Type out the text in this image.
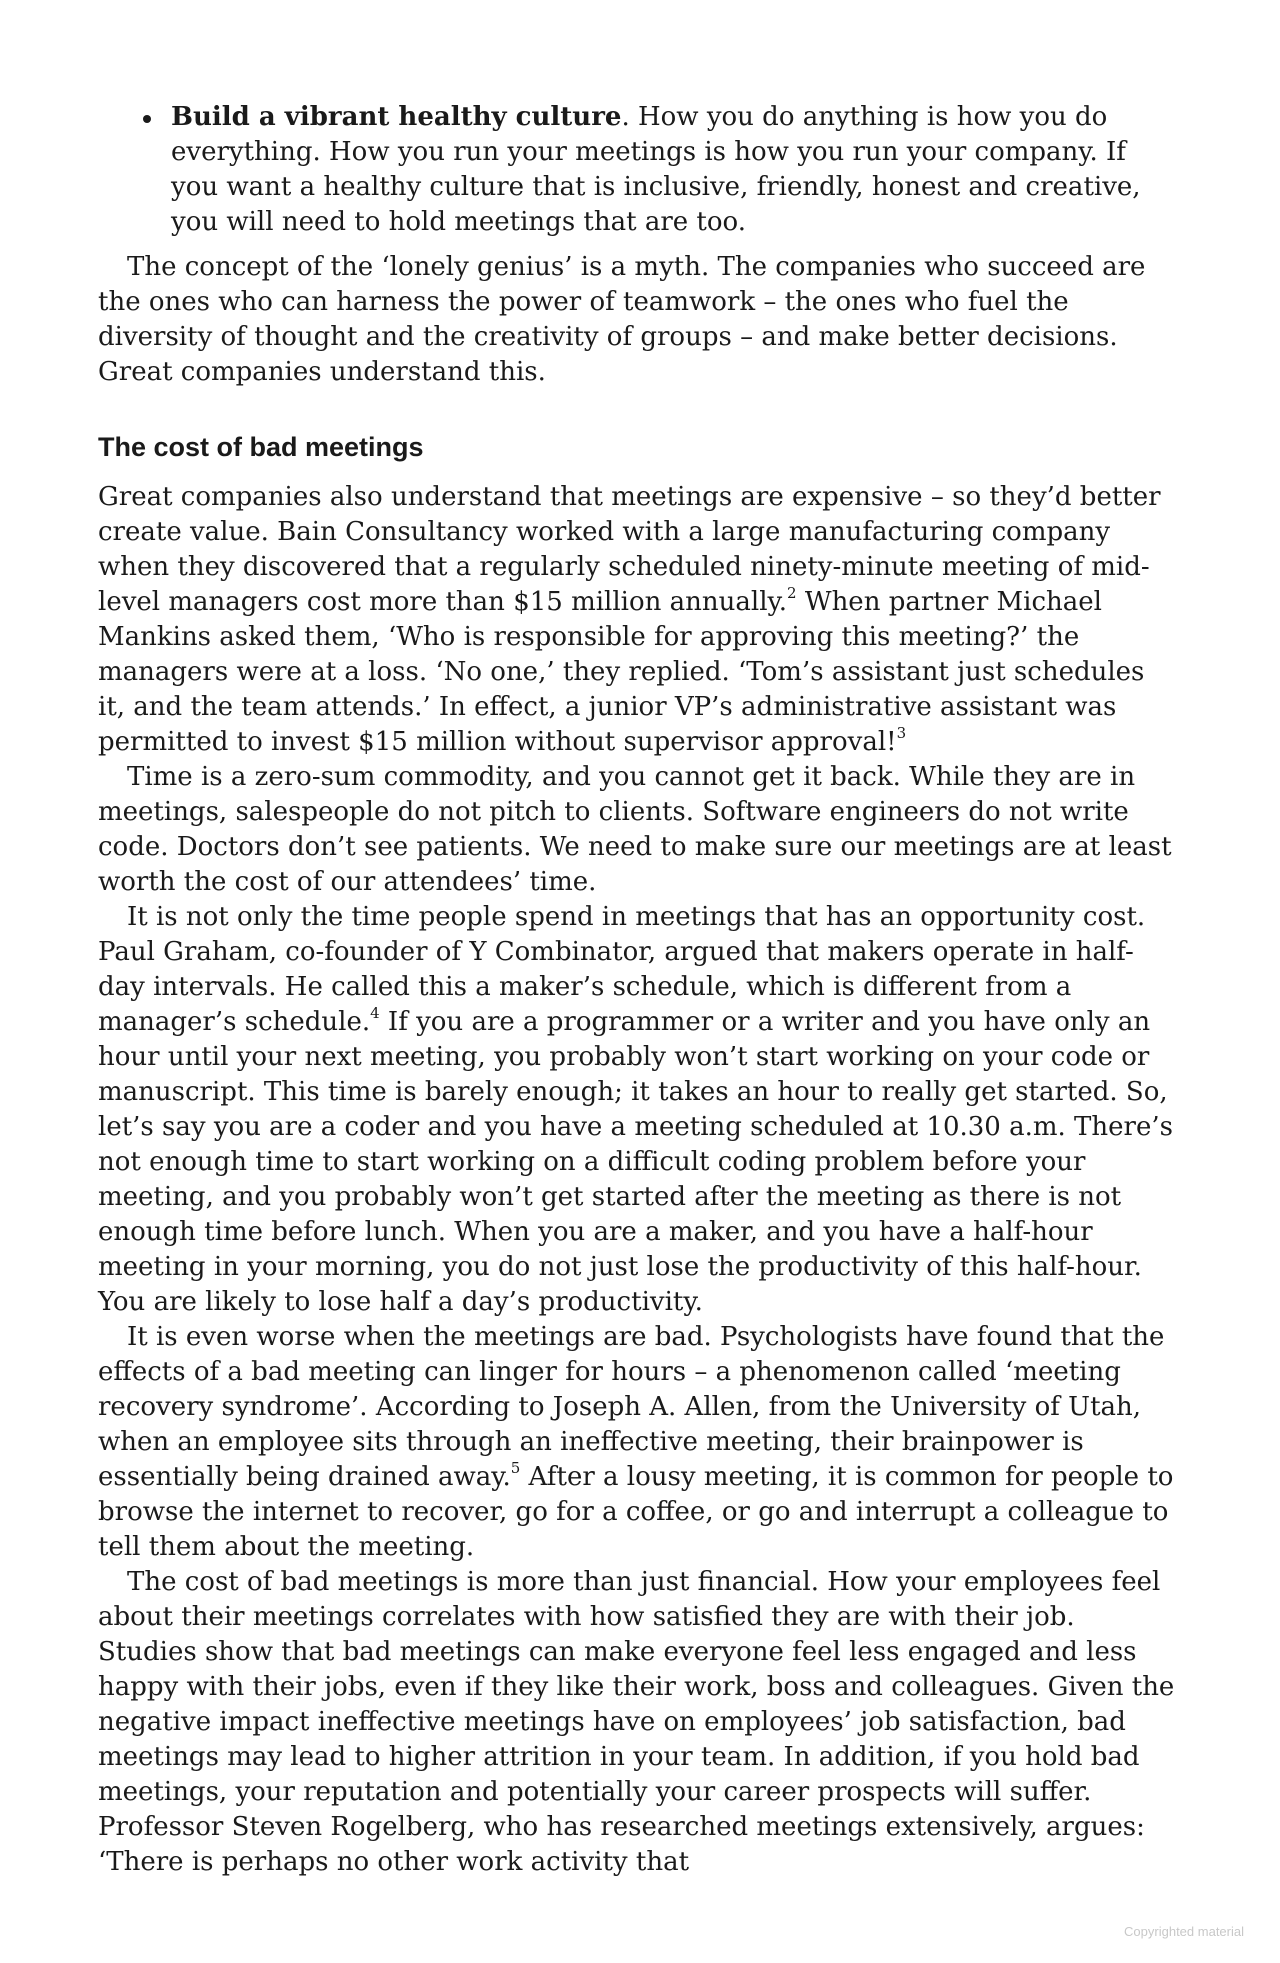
Build a vibrant healthy culture. How you do anything is how you do everything. How you run your meetings is how you run your company. If you want a healthy culture that is inclusive, friendly, honest and creative, you will need to hold meetings that are too.

The concept of the ‘lonely genius’ is a myth. The companies who succeed are the ones who can harness the power of teamwork – the ones who fuel the diversity of thought and the creativity of groups – and make better decisions. Great companies understand this.

The cost of bad meetings

Great companies also understand that meetings are expensive – so they’d better create value. Bain Consultancy worked with a large manufacturing company when they discovered that a regularly scheduled ninety-minute meeting of mid-level managers cost more than $15 million annually.$^2$ When partner Michael Mankins asked them, ‘Who is responsible for approving this meeting?’ the managers were at a loss. ‘No one,’ they replied. ‘Tom’s assistant just schedules it, and the team attends.’ In effect, a junior VP’s administrative assistant was permitted to invest $15 million without supervisor approval!$^3$

Time is a zero-sum commodity, and you cannot get it back. While they are in meetings, salespeople do not pitch to clients. Software engineers do not write code. Doctors don’t see patients. We need to make sure our meetings are at least worth the cost of our attendees’ time.

It is not only the time people spend in meetings that has an opportunity cost. Paul Graham, co-founder of Y Combinator, argued that makers operate in half-day intervals. He called this a maker’s schedule, which is different from a manager’s schedule.$^4$ If you are a programmer or a writer and you have only an hour until your next meeting, you probably won’t start working on your code or manuscript. This time is barely enough; it takes an hour to really get started. So, let’s say you are a coder and you have a meeting scheduled at 10.30 a.m. There’s not enough time to start working on a difficult coding problem before your meeting, and you probably won’t get started after the meeting as there is not enough time before lunch. When you are a maker, and you have a half-hour meeting in your morning, you do not just lose the productivity of this half-hour. You are likely to lose half a day’s productivity.

It is even worse when the meetings are bad. Psychologists have found that the effects of a bad meeting can linger for hours – a phenomenon called ‘meeting recovery syndrome’. According to Joseph A. Allen, from the University of Utah, when an employee sits through an ineffective meeting, their brainpower is essentially being drained away.$^5$ After a lousy meeting, it is common for people to browse the internet to recover, go for a coffee, or go and interrupt a colleague to tell them about the meeting.

The cost of bad meetings is more than just financial. How your employees feel about their meetings correlates with how satisfied they are with their job. Studies show that bad meetings can make everyone feel less engaged and less happy with their jobs, even if they like their work, boss and colleagues. Given the negative impact ineffective meetings have on employees’ job satisfaction, bad meetings may lead to higher attrition in your team. In addition, if you hold bad meetings, your reputation and potentially your career prospects will suffer. Professor Steven Rogelberg, who has researched meetings extensively, argues: ‘There is perhaps no other work activity that

Copyrighted material
